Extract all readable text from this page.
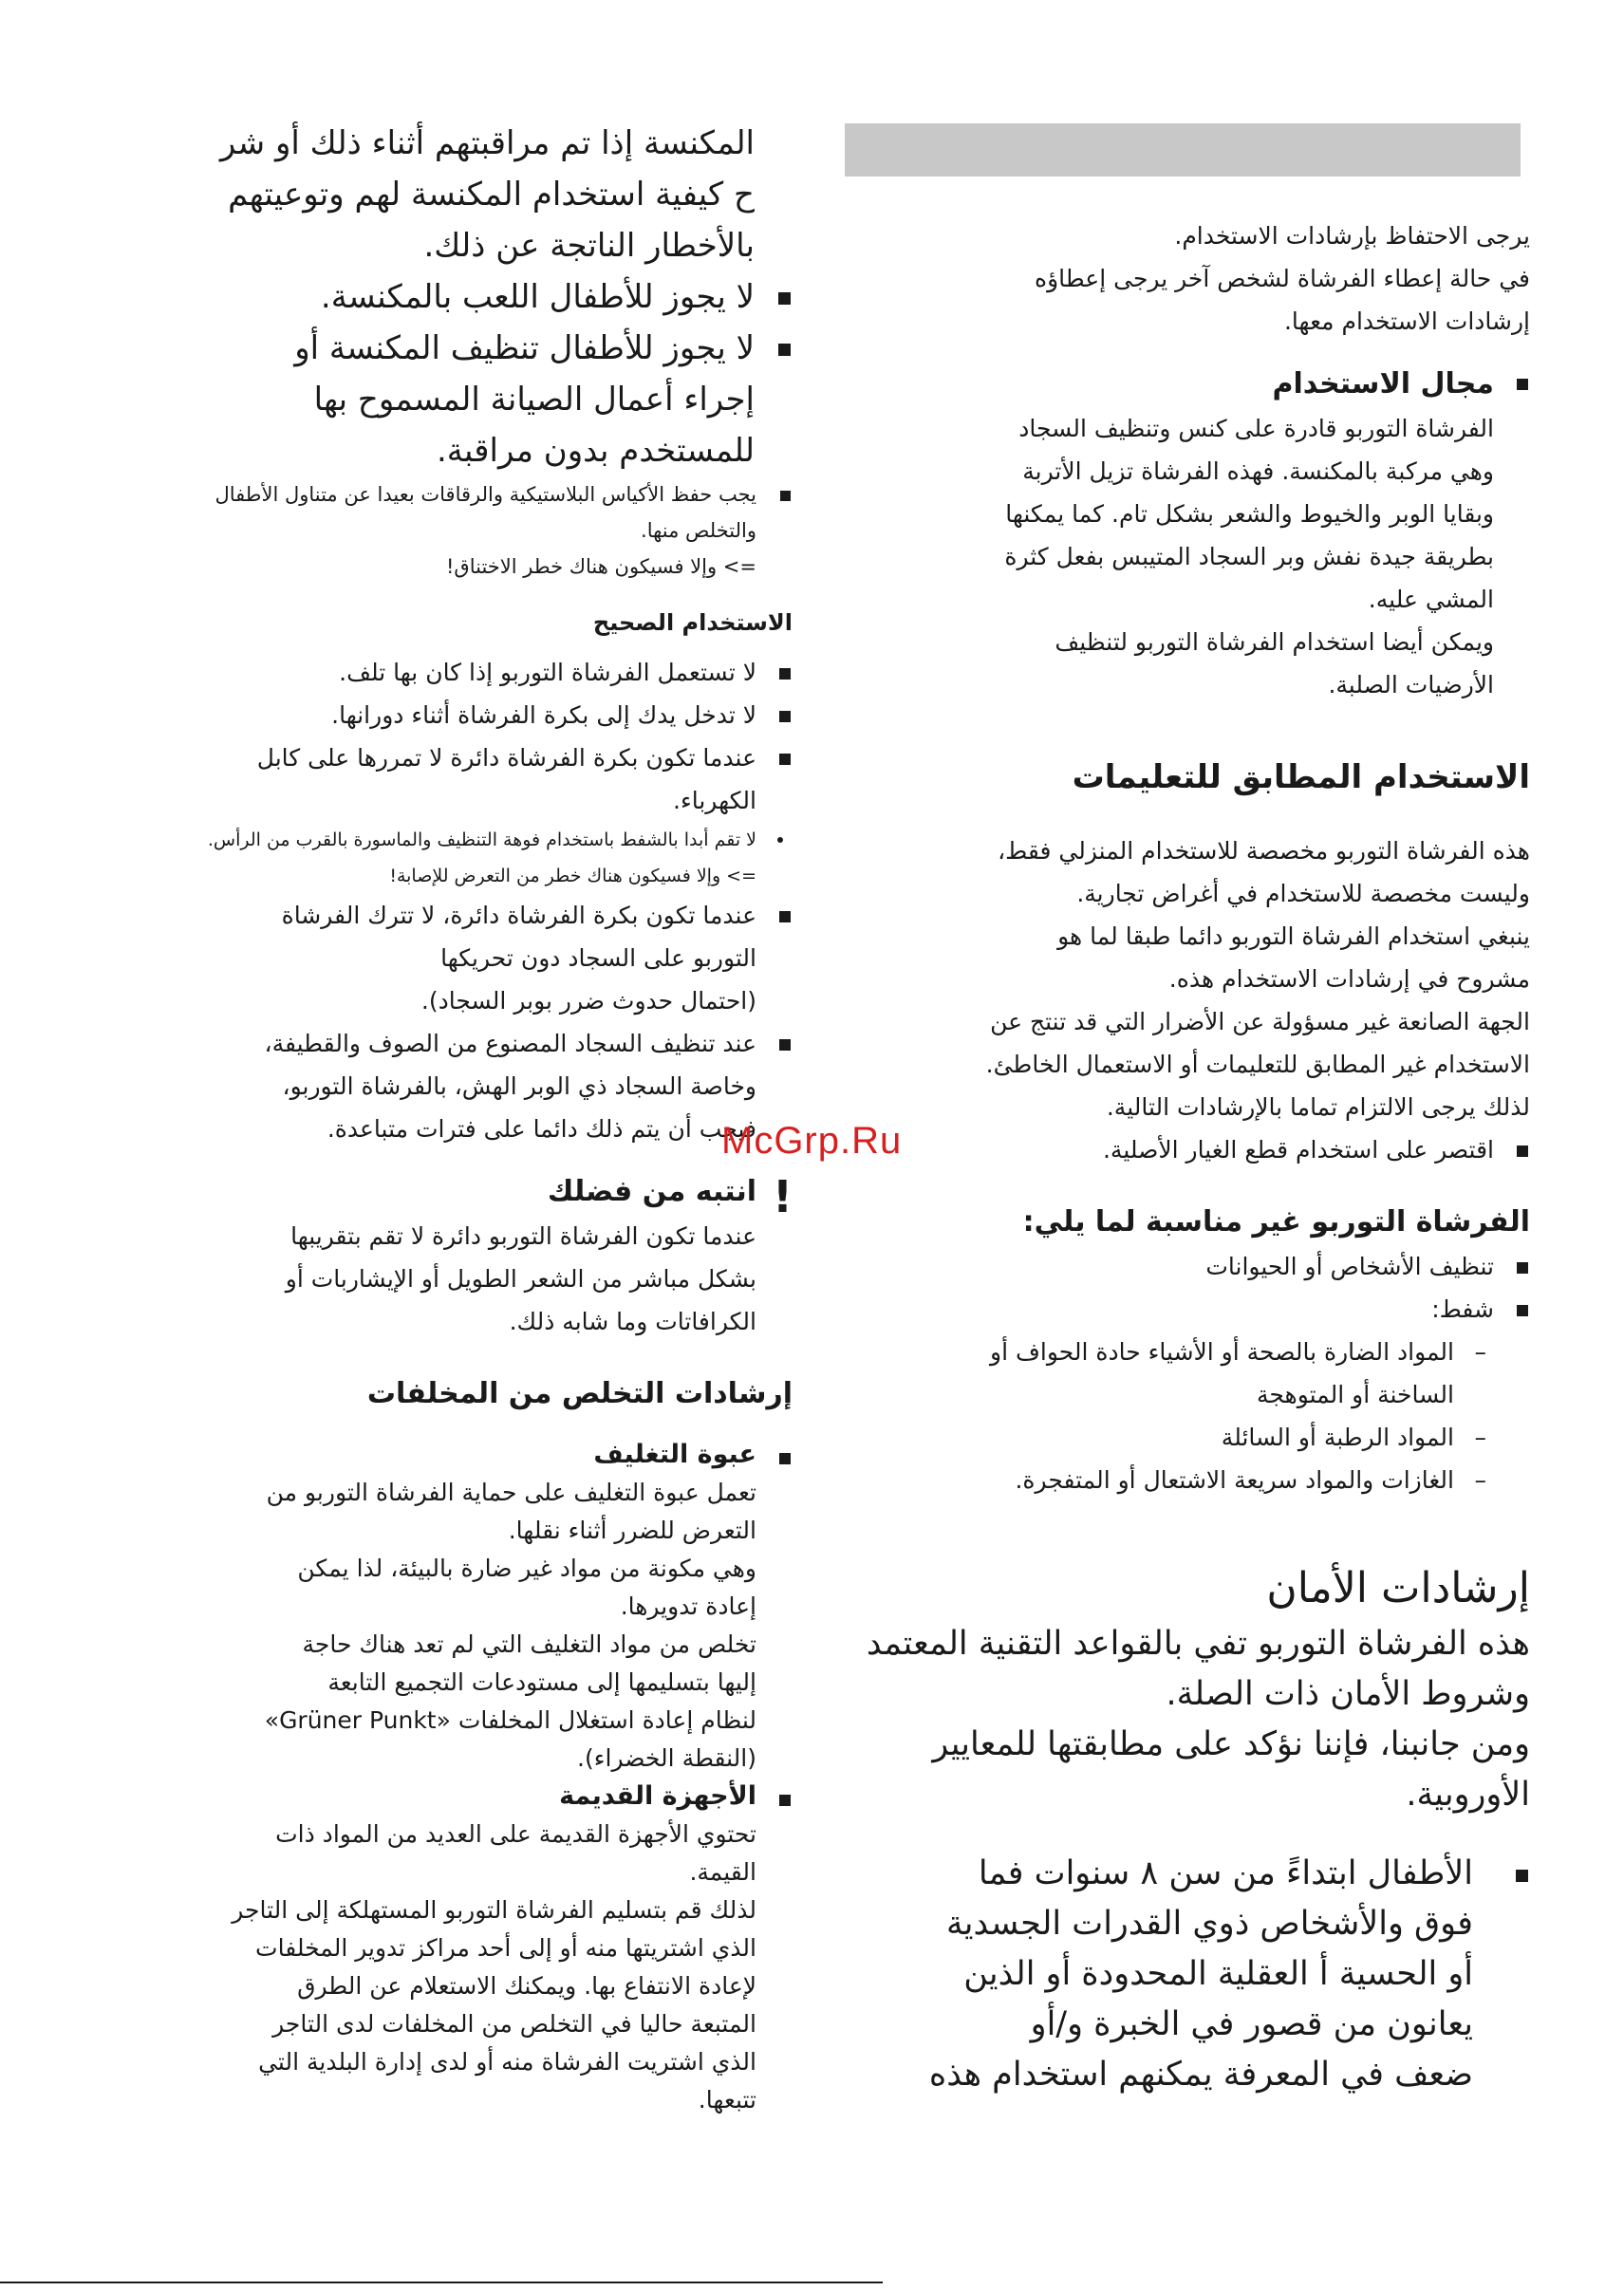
يرجى الاحتفاظ بإرشادات الاستخدام.

في حالة إعطاء الفرشاة لشخص آخر يرجى إعطاؤه

إرشادات الاستخدام معها.

مجال الاستخدام

الفرشاة التوربو قادرة على كنس وتنظيف السجاد

وهي مركبة بالمكنسة. فهذه الفرشاة تزيل الأتربة

وبقايا الوبر والخيوط والشعر بشكل تام. كما يمكنها

بطريقة جيدة نفش وبر السجاد المتيبس بفعل كثرة

المشي عليه.

ويمكن أيضا استخدام الفرشاة التوربو لتنظيف

الأرضيات الصلبة.

الاستخدام المطابق للتعليمات

هذه الفرشاة التوربو مخصصة للاستخدام المنزلي فقط،

وليست مخصصة للاستخدام في أغراض تجارية.

ينبغي استخدام الفرشاة التوربو دائما طبقا لما هو

مشروح في إرشادات الاستخدام هذه.

الجهة الصانعة غير مسؤولة عن الأضرار التي قد تنتج عن

الاستخدام غير المطابق للتعليمات أو الاستعمال الخاطئ.

لذلك يرجى الالتزام تماما بالإرشادات التالية.

اقتصر على استخدام قطع الغيار الأصلية.

الفرشاة التوربو غير مناسبة لما يلي:

تنظيف الأشخاص أو الحيوانات

شفط:

– المواد الضارة بالصحة أو الأشياء حادة الحواف أو

الساخنة أو المتوهجة

– المواد الرطبة أو السائلة

– الغازات والمواد سريعة الاشتعال أو المتفجرة.

إرشادات الأمان

هذه الفرشاة التوربو تفي بالقواعد التقنية المعتمد

وشروط الأمان ذات الصلة.

ومن جانبنا، فإننا نؤكد على مطابقتها للمعايير

الأوروبية.

الأطفال ابتداءً من سن ٨ سنوات فما

فوق والأشخاص ذوي القدرات الجسدية

أو الحسية أ العقلية المحدودة أو الذين

يعانون من قصور في الخبرة و/أو

ضعف في المعرفة يمكنهم استخدام هذه

المكنسة إذا تم مراقبتهم أثناء ذلك أو شر

ح كيفية استخدام المكنسة لهم وتوعيتهم

بالأخطار الناتجة عن ذلك.

لا يجوز للأطفال اللعب بالمكنسة.

لا يجوز للأطفال تنظيف المكنسة أو

إجراء أعمال الصيانة المسموح بها

للمستخدم بدون مراقبة.

يجب حفظ الأكياس البلاستيكية والرقاقات بعيدا عن متناول الأطفال

والتخلص منها.

=> وإلا فسيكون هناك خطر الاختناق!

الاستخدام الصحيح

لا تستعمل الفرشاة التوربو إذا كان بها تلف.

لا تدخل يدك إلى بكرة الفرشاة أثناء دورانها.

عندما تكون بكرة الفرشاة دائرة لا تمررها على كابل

الكهرباء.

لا تقم أبدا بالشفط باستخدام فوهة التنظيف والماسورة بالقرب من الرأس.

=> وإلا فسيكون هناك خطر من التعرض للإصابة!

عندما تكون بكرة الفرشاة دائرة، لا تترك الفرشاة

التوربو على السجاد دون تحريكها

(احتمال حدوث ضرر بوبر السجاد).

عند تنظيف السجاد المصنوع من الصوف والقطيفة،

وخاصة السجاد ذي الوبر الهش، بالفرشاة التوربو،

فيجب أن يتم ذلك دائما على فترات متباعدة.

!

انتبه من فضلك

عندما تكون الفرشاة التوربو دائرة لا تقم بتقريبها

بشكل مباشر من الشعر الطويل أو الإيشاربات أو

الكرافاتات وما شابه ذلك.

إرشادات التخلص من المخلفات

عبوة التغليف

تعمل عبوة التغليف على حماية الفرشاة التوربو من

التعرض للضرر أثناء نقلها.

وهي مكونة من مواد غير ضارة بالبيئة، لذا يمكن

إعادة تدويرها.

تخلص من مواد التغليف التي لم تعد هناك حاجة

إليها بتسليمها إلى مستودعات التجميع التابعة

لنظام إعادة استغلال المخلفات «Grüner Punkt»

(النقطة الخضراء).

الأجهزة القديمة

تحتوي الأجهزة القديمة على العديد من المواد ذات

القيمة.

لذلك قم بتسليم الفرشاة التوربو المستهلكة إلى التاجر

الذي اشتريتها منه أو إلى أحد مراكز تدوير المخلفات

لإعادة الانتفاع بها. ويمكنك الاستعلام عن الطرق

المتبعة حاليا في التخلص من المخلفات لدى التاجر

الذي اشتريت الفرشاة منه أو لدى إدارة البلدية التي

تتبعها.

McGrp.Ru
